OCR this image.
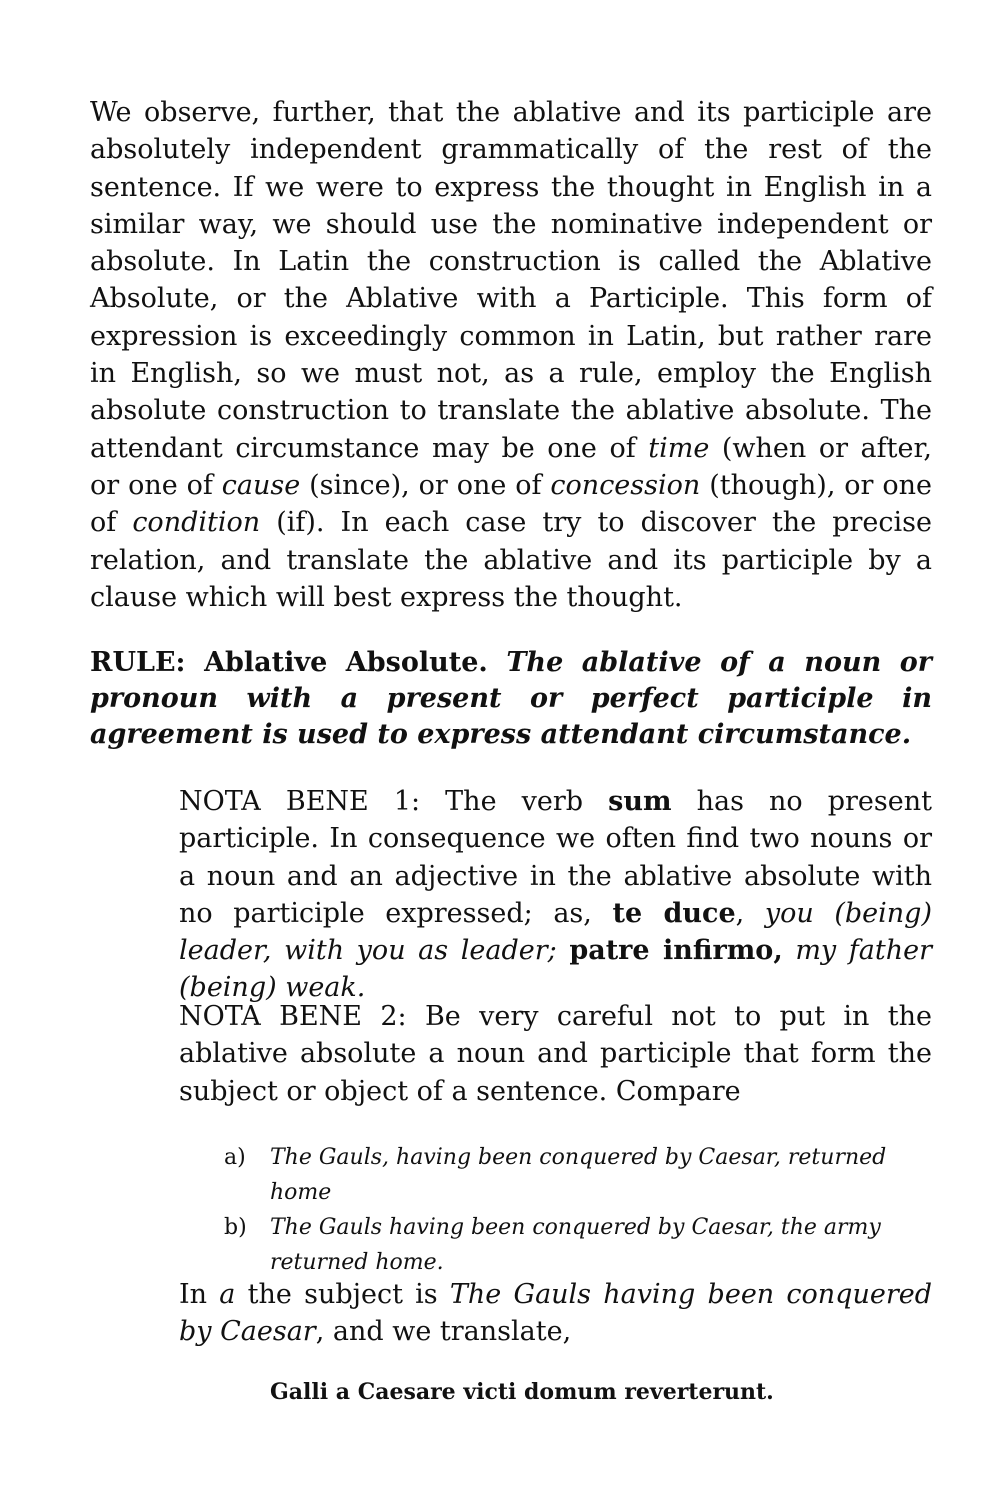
We observe, further, that the ablative and its participle are absolutely independent grammatically of the rest of the sentence. If we were to express the thought in English in a similar way, we should use the nominative independent or absolute. In Latin the construction is called the Ablative Absolute, or the Ablative with a Participle. This form of expression is exceedingly common in Latin, but rather rare in English, so we must not, as a rule, employ the English absolute construction to translate the ablative absolute. The attendant circumstance may be one of time (when or after, or one of cause (since), or one of concession (though), or one of condition (if). In each case try to discover the precise relation, and translate the ablative and its participle by a clause which will best express the thought.

RULE: Ablative Absolute. The ablative of a noun or pronoun with a present or perfect participle in agreement is used to express attendant circumstance.

NOTA BENE 1: The verb sum has no present participle. In consequence we often find two nouns or a noun and an adjective in the ablative absolute with no participle expressed; as, te duce, you (being) leader, with you as leader; patre infirmo, my father (being) weak.

NOTA BENE 2: Be very careful not to put in the ablative absolute a noun and participle that form the subject or object of a sentence. Compare

a) The Gauls, having been conquered by Caesar, returned home
b) The Gauls having been conquered by Caesar, the army returned home.

In a the subject is The Gauls having been conquered by Caesar, and we translate,

Galli a Caesare victi domum reverterunt.
